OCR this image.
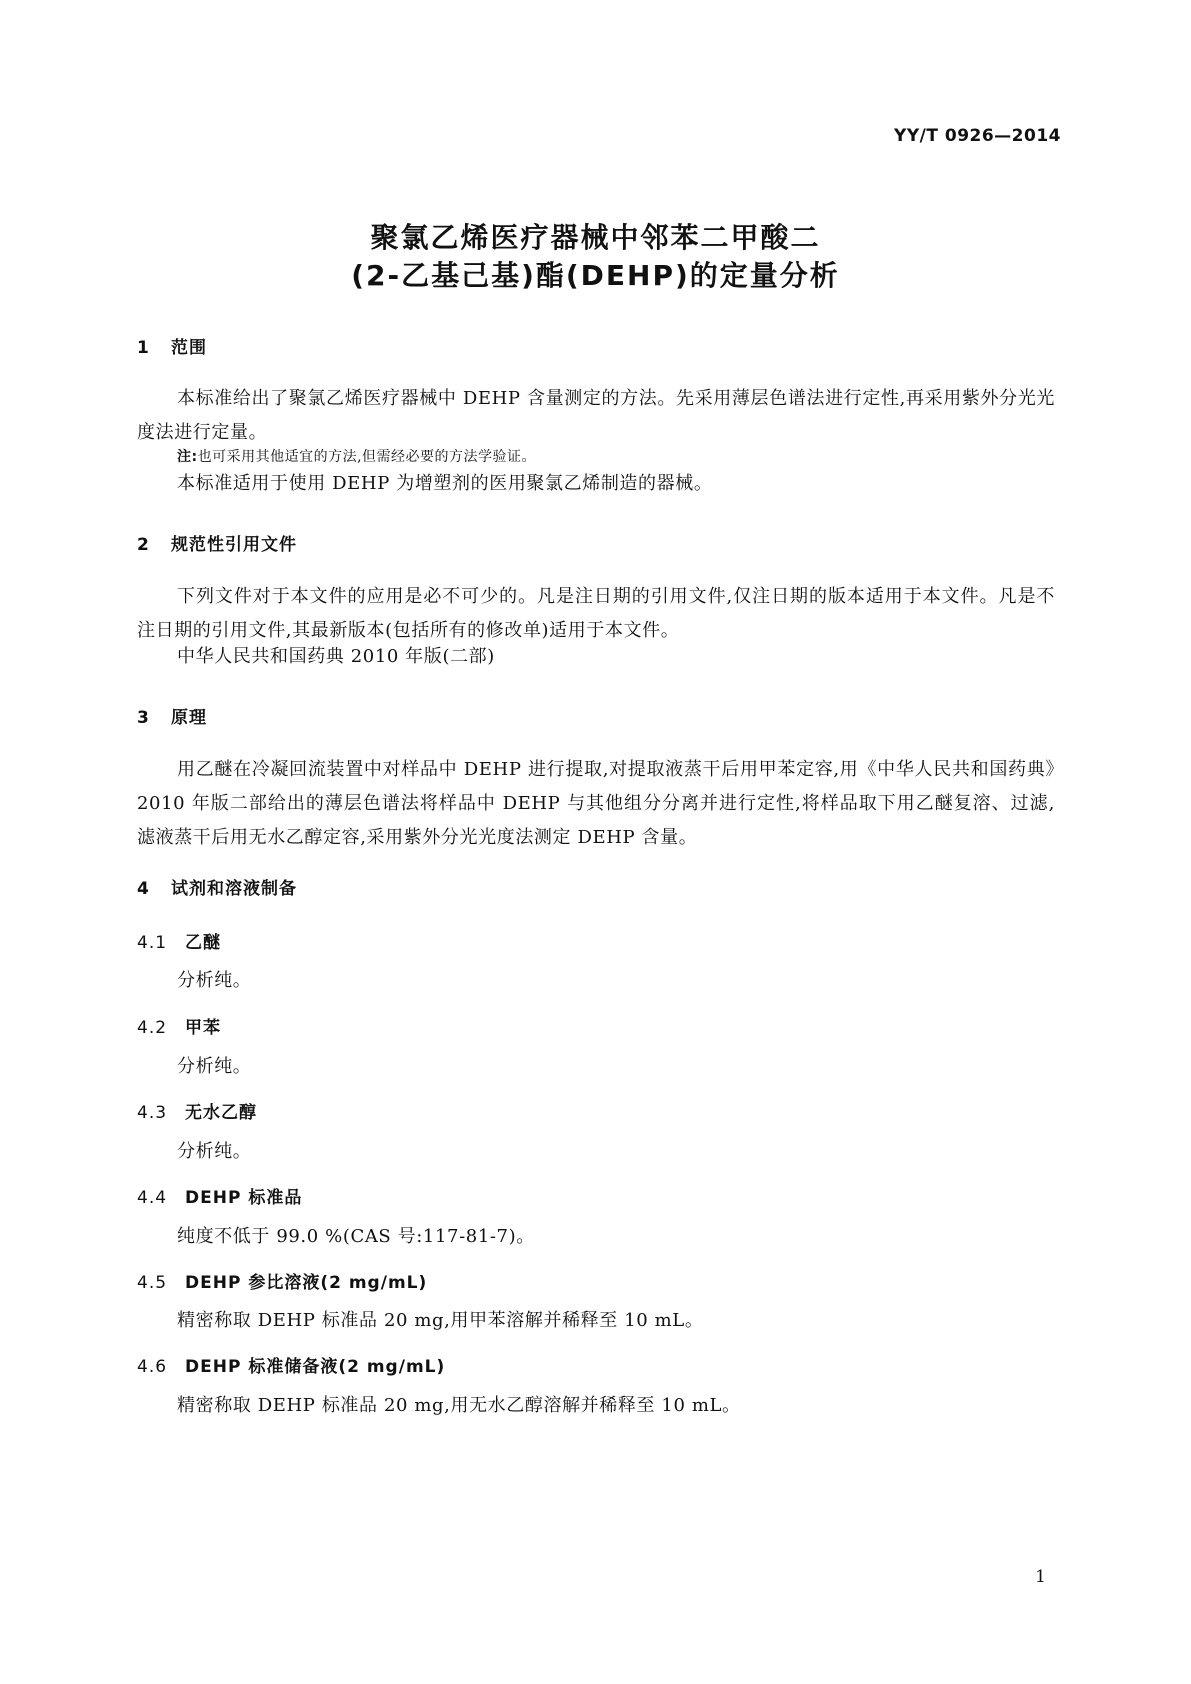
YY/T 0926—2014
聚氯乙烯医疗器械中邻苯二甲酸二
(2-乙基己基)酯(DEHP)的定量分析
1 范围
本标准给出了聚氯乙烯医疗器械中 DEHP 含量测定的方法。先采用薄层色谱法进行定性,再采用紫外分光光度法进行定量。
注:也可采用其他适宜的方法,但需经必要的方法学验证。
本标准适用于使用 DEHP 为增塑剂的医用聚氯乙烯制造的器械。
2 规范性引用文件
下列文件对于本文件的应用是必不可少的。凡是注日期的引用文件,仅注日期的版本适用于本文件。凡是不注日期的引用文件,其最新版本(包括所有的修改单)适用于本文件。
中华人民共和国药典 2010 年版(二部)
3 原理
用乙醚在冷凝回流装置中对样品中 DEHP 进行提取,对提取液蒸干后用甲苯定容,用《中华人民共和国药典》2010 年版二部给出的薄层色谱法将样品中 DEHP 与其他组分分离并进行定性,将样品取下用乙醚复溶、过滤,滤液蒸干后用无水乙醇定容,采用紫外分光光度法测定 DEHP 含量。
4 试剂和溶液制备
4.1 乙醚
分析纯。
4.2 甲苯
分析纯。
4.3 无水乙醇
分析纯。
4.4 DEHP 标准品
纯度不低于 99.0 %(CAS 号:117-81-7)。
4.5 DEHP 参比溶液(2 mg/mL)
精密称取 DEHP 标准品 20 mg,用甲苯溶解并稀释至 10 mL。
4.6 DEHP 标准储备液(2 mg/mL)
精密称取 DEHP 标准品 20 mg,用无水乙醇溶解并稀释至 10 mL。
1
